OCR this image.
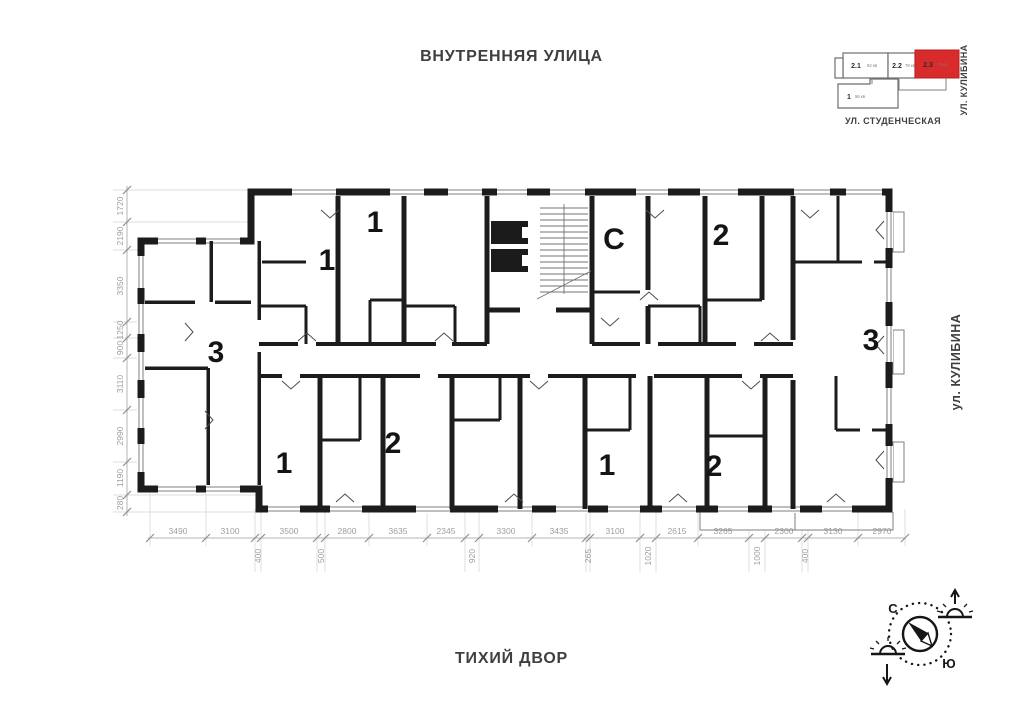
ВНУТРЕННЯЯ УЛИЦА
ТИХИЙ ДВОР
1720
2190
3350
1250
900
3110
2990
1190
280
3490	3100
400
3500
500
2800	3635	2345
920
3300	3435
265
3100
1020
2615	3265
1000
2300
400
3130	2970
3
1
1
С	2
3
1
2
1	2
ул. КУЛИБИНА
2.1 92 кв 2.2 78 кв 2.3 75 кв
1 56 кв	УЛ. КУЛИБИНА
УЛ. СТУДЕНЧЕСКАЯ
С
Ю
